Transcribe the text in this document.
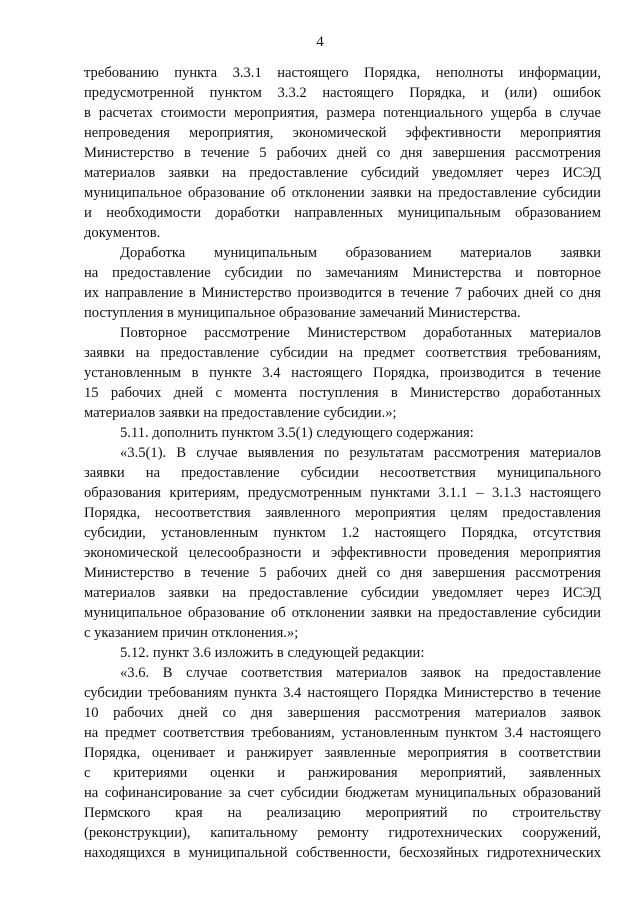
4
требованию пункта 3.3.1 настоящего Порядка, неполноты информации,
предусмотренной пунктом 3.3.2 настоящего Порядка, и (или) ошибок
в расчетах стоимости мероприятия, размера потенциального ущерба в случае
непроведения мероприятия, экономической эффективности мероприятия
Министерство в течение 5 рабочих дней со дня завершения рассмотрения
материалов заявки на предоставление субсидий уведомляет через ИСЭД
муниципальное образование об отклонении заявки на предоставление субсидии
и необходимости доработки направленных муниципальным образованием
документов.
Доработка муниципальным образованием материалов заявки
на предоставление субсидии по замечаниям Министерства и повторное
их направление в Министерство производится в течение 7 рабочих дней со дня
поступления в муниципальное образование замечаний Министерства.
Повторное рассмотрение Министерством доработанных материалов
заявки на предоставление субсидии на предмет соответствия требованиям,
установленным в пункте 3.4 настоящего Порядка, производится в течение
15 рабочих дней с момента поступления в Министерство доработанных
материалов заявки на предоставление субсидии.»;
5.11. дополнить пунктом 3.5(1) следующего содержания:
«3.5(1). В случае выявления по результатам рассмотрения материалов
заявки на предоставление субсидии несоответствия муниципального
образования критериям, предусмотренным пунктами 3.1.1 – 3.1.3 настоящего
Порядка, несоответствия заявленного мероприятия целям предоставления
субсидии, установленным пунктом 1.2 настоящего Порядка, отсутствия
экономической целесообразности и эффективности проведения мероприятия
Министерство в течение 5 рабочих дней со дня завершения рассмотрения
материалов заявки на предоставление субсидии уведомляет через ИСЭД
муниципальное образование об отклонении заявки на предоставление субсидии
с указанием причин отклонения.»;
5.12. пункт 3.6 изложить в следующей редакции:
«3.6. В случае соответствия материалов заявок на предоставление
субсидии требованиям пункта 3.4 настоящего Порядка Министерство в течение
10 рабочих дней со дня завершения рассмотрения материалов заявок
на предмет соответствия требованиям, установленным пунктом 3.4 настоящего
Порядка, оценивает и ранжирует заявленные мероприятия в соответствии
с критериями оценки и ранжирования мероприятий, заявленных
на софинансирование за счет субсидии бюджетам муниципальных образований
Пермского края на реализацию мероприятий по строительству
(реконструкции), капитальному ремонту гидротехнических сооружений,
находящихся в муниципальной собственности, бесхозяйных гидротехнических
